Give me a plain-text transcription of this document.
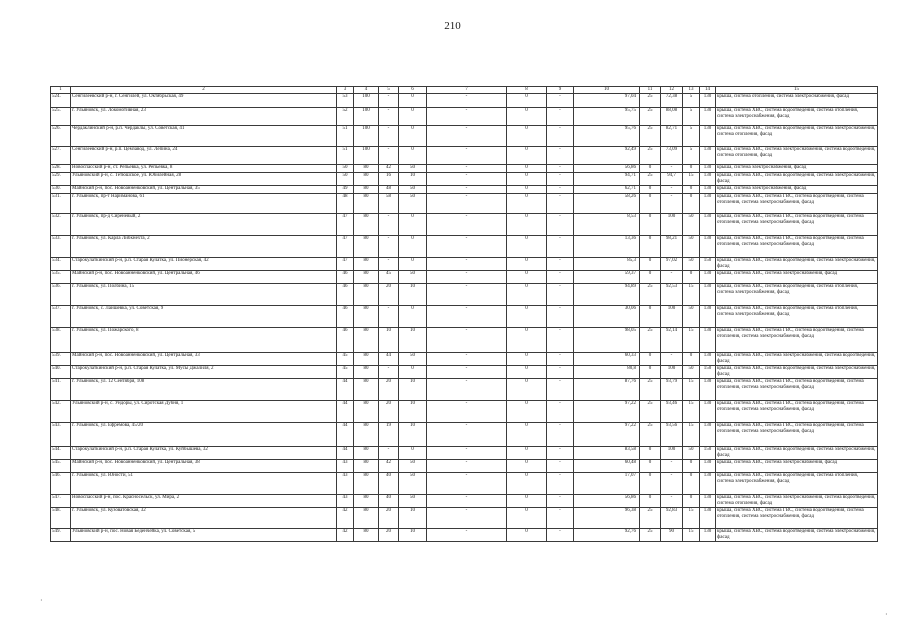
210
1	2	3	4	5	6	7	8	9	10	11	12	13	14	15
524.	Сенгилеевский р-н, г. Сенгилей, ул. Октябрьская, 49	53	100	-	0	-	0	-	97,04	25	72,38	5	130	крыша, система отопления, система электроснабжения, фасад
525.	г. Ульяновск, ул. Локомотивная, 23	52	100	-	0	-	0	-	95,75	25	88,08	5	130	крыша, система ХВС, система водоотведения, система отопления, система электроснабжения, фасад
526.	Чердаклинский р-н, р.п. Чердаклы, ул. Советская, 41	51	100	-	0	-	0	-	95,76	25	82,71	5	130	крыша, система ХВС, система водоотведения, система электроснабжения, система отопления, фасад
527.	Сенгилеевский р-н, р.п. Цемзавод, ул. Лепина, 24	51	100	-	0	-	0	-	92,49	25	73,09	5	130	крыша, система ХВС, система электроснабжения, система водоотведения, система отопления, фасад
528.	Новоспасский р-н, ст. Репьёвка, ул. Репьёвка, 8	50	80	42	50	-	0	-	56,86	0	-	0	130	крыша, система электроснабжения, фасад
529.	Ульяновский р-н, с. Тетюшское, ул. Юбилейная, 28	50	80	16	10	-	0	-	94,71	25	94,7	15	130	крыша, система ХВС, система водоотведения, система электроснабжения, фасад
530.	Майнский р-н, пос. Новоанненковский, ул. Центральная, 35	49	80	48	50	-	0	-	62,71	0	-	0	130	крыша, система электроснабжения, фасад
531.	г. Ульяновск, пр-т Нариманова, 61	48	80	58	50	-	0	-	58,26	0	-	0	130	крыша, система ХВС, система ГВС, система водоотведения, система отопления, система электроснабжения, фасад
532.	г. Ульяновск, пр-д Сиреневый, 2	47	80	-	0	-	0	-	8,53	0	100	50	130	крыша, система ХВС, система ГВС, система водоотведения, система отопления, система электроснабжения, фасад
533.	г. Ульяновск, ул. Карла Либкнехта, 2	47	80	-	0	-	0	-	13,36	0	98,21	50	130	крыша, система ХВС, система ГВС, система водоотведения, система отопления, система электроснабжения, фасад
534.	Старокулаткинский р-н, р.п. Старая Кулатка, ул. Пионерская, 42	47	80	-	0	-	0	-	85,3	0	97,02	50	150	крыша, система ХВС, система водоотведения, система электроснабжения, фасад
535.	Майнский р-н, пос. Новоанненковский, ул. Центральная, 46	46	80	45	50	-	0	-	59,37	0	-	0	130	крыша, система ХВС, система электроснабжения, фасад
536.	г. Ульяновск, ул. Полбина, 15	46	80	20	10	-	0	-	94,89	25	92,53	15	130	крыша, система ХВС, система водоотведения, система отопления, система электроснабжения, фасад
537.	г. Ульяновск, с. Лаишевка, ул. Советская, 9	46	80	-	0	-	0	-	30,06	0	100	50	130	крыша, система ХВС, система водоотведения, система отопления, система электроснабжения, фасад
538.	г. Ульяновск, ул. Пожарского, 8	46	80	10	10	-	0	-	98,05	25	92,14	15	130	крыша, система ХВС, система ГВС, система водоотведения, система отопления, система электроснабжения, фасад
539.	Майнский р-н, пос. Новоанненковский, ул. Центральная, 33	45	80	44	50	-	0	-	60,33	0	-	0	130	крыша, система ХВС, система электроснабжения, система водоотведения, фасад
540.	Старокулаткинский р-н, р.п. Старая Кулатка, ул. Мусы Джалиля, 2	45	80	-	0	-	0	-	80,8	0	100	50	150	крыша, система ХВС, система водоотведения, система электроснабжения, фасад
541.	г. Ульяновск, ул. 12 Сентября, 108	44	80	20	10	-	0	-	87,76	25	93,79	15	130	крыша, система ХВС, система ГВС, система водоотведения, система отопления, система электроснабжения, фасад
542.	Ульяновский р-н, с. Ундоры, ул. Сиротская Дубня, 1	44	80	20	10	-	0	-	97,22	25	93,46	15	130	крыша, система ХВС, система ГВС, система водоотведения, система отопления, система электроснабжения, фасад
543.	г. Ульяновск, ул. Ефремова, 45/20	44	80	19	10	-	0	-	97,22	25	93,56	15	130	крыша, система ХВС, система ГВС, система водоотведения, система отопления, система электроснабжения, фасад
544.	Старокулаткинский р-н, р.п. Старая Кулатка, ул. Куйбышева, 32	44	80	-	0	-	0	-	83,58	0	100	50	150	крыша, система ХВС, система водоотведения, система электроснабжения, фасад
545.	Майнский р-н, пос. Новоанненковский, ул. Центральная, 38	43	80	42	50	-	0	-	60,48	0	-	0	130	крыша, система ХВС, система электроснабжения, фасад
546.	г. Ульяновск, ул. Юности, 51	43	80	40	50	-	0	-	17,07	0	-	0	130	крыша, система ХВС, система водоотведения, система отопления, система электроснабжения, фасад
547.	Новоспасский р-н, пос. Красносельск, ул. Мира, 2	43	80	40	50	-	0	-	56,86	0	-	0	130	крыша, система ХВС, система электроснабжения, система водоотведения, система отопления, фасад
548.	г. Ульяновск, ул. Кузоватовская, 32	42	80	20	10	-	0	-	96,38	25	92,83	15	130	крыша, система ХВС, система ГВС, система водоотведения, система отопления, система электроснабжения, фасад
549.	Ульяновский р-н, пос. Новая Беденчейка, ул. Советская, 5	42	80	20	10	-	0	-	92,76	25	90	15	130	крыша, система ХВС, система водоотведения, система электроснабжения, фасад
·
·
